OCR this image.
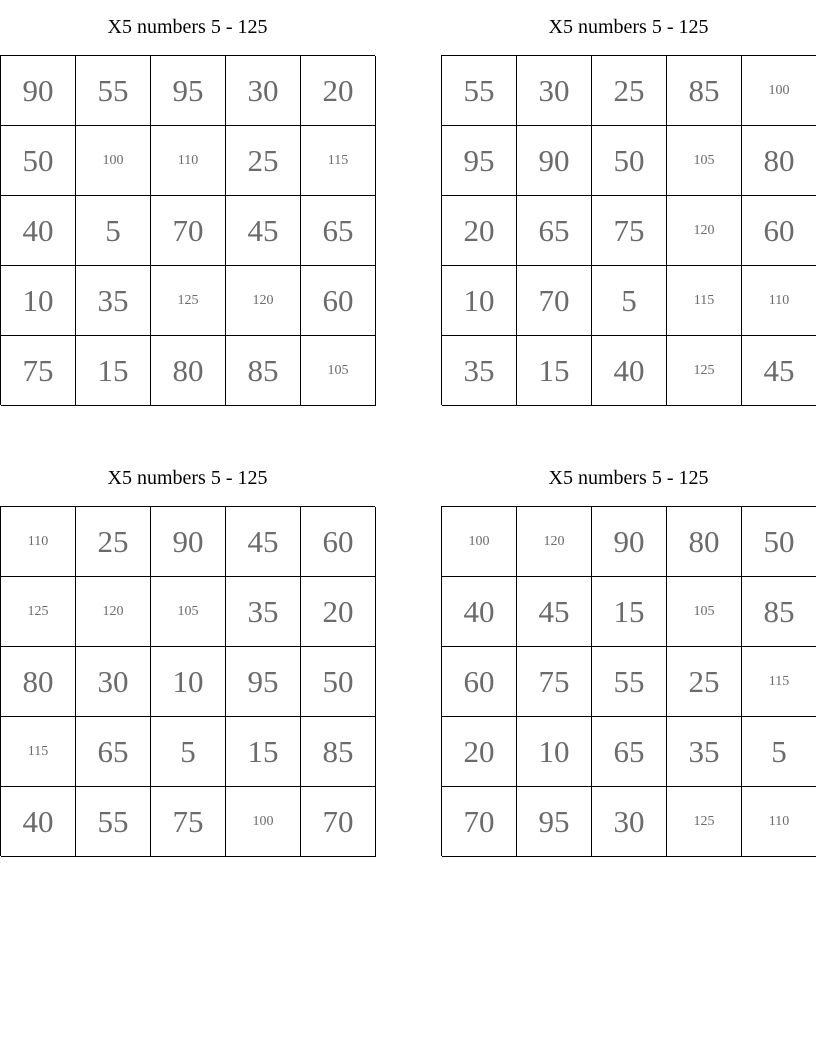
X5 numbers 5 - 125
90	55	95	30	20
50	100	110	25	115
40	5	70	45	65
10	35	125	120	60
75	15	80	85	105
X5 numbers 5 - 125
55	30	25	85	100
95	90	50	105	80
20	65	75	120	60
10	70	5	115	110
35	15	40	125	45
X5 numbers 5 - 125
110	25	90	45	60
125	120	105	35	20
80	30	10	95	50
115	65	5	15	85
40	55	75	100	70
X5 numbers 5 - 125
100	120	90	80	50
40	45	15	105	85
60	75	55	25	115
20	10	65	35	5
70	95	30	125	110
